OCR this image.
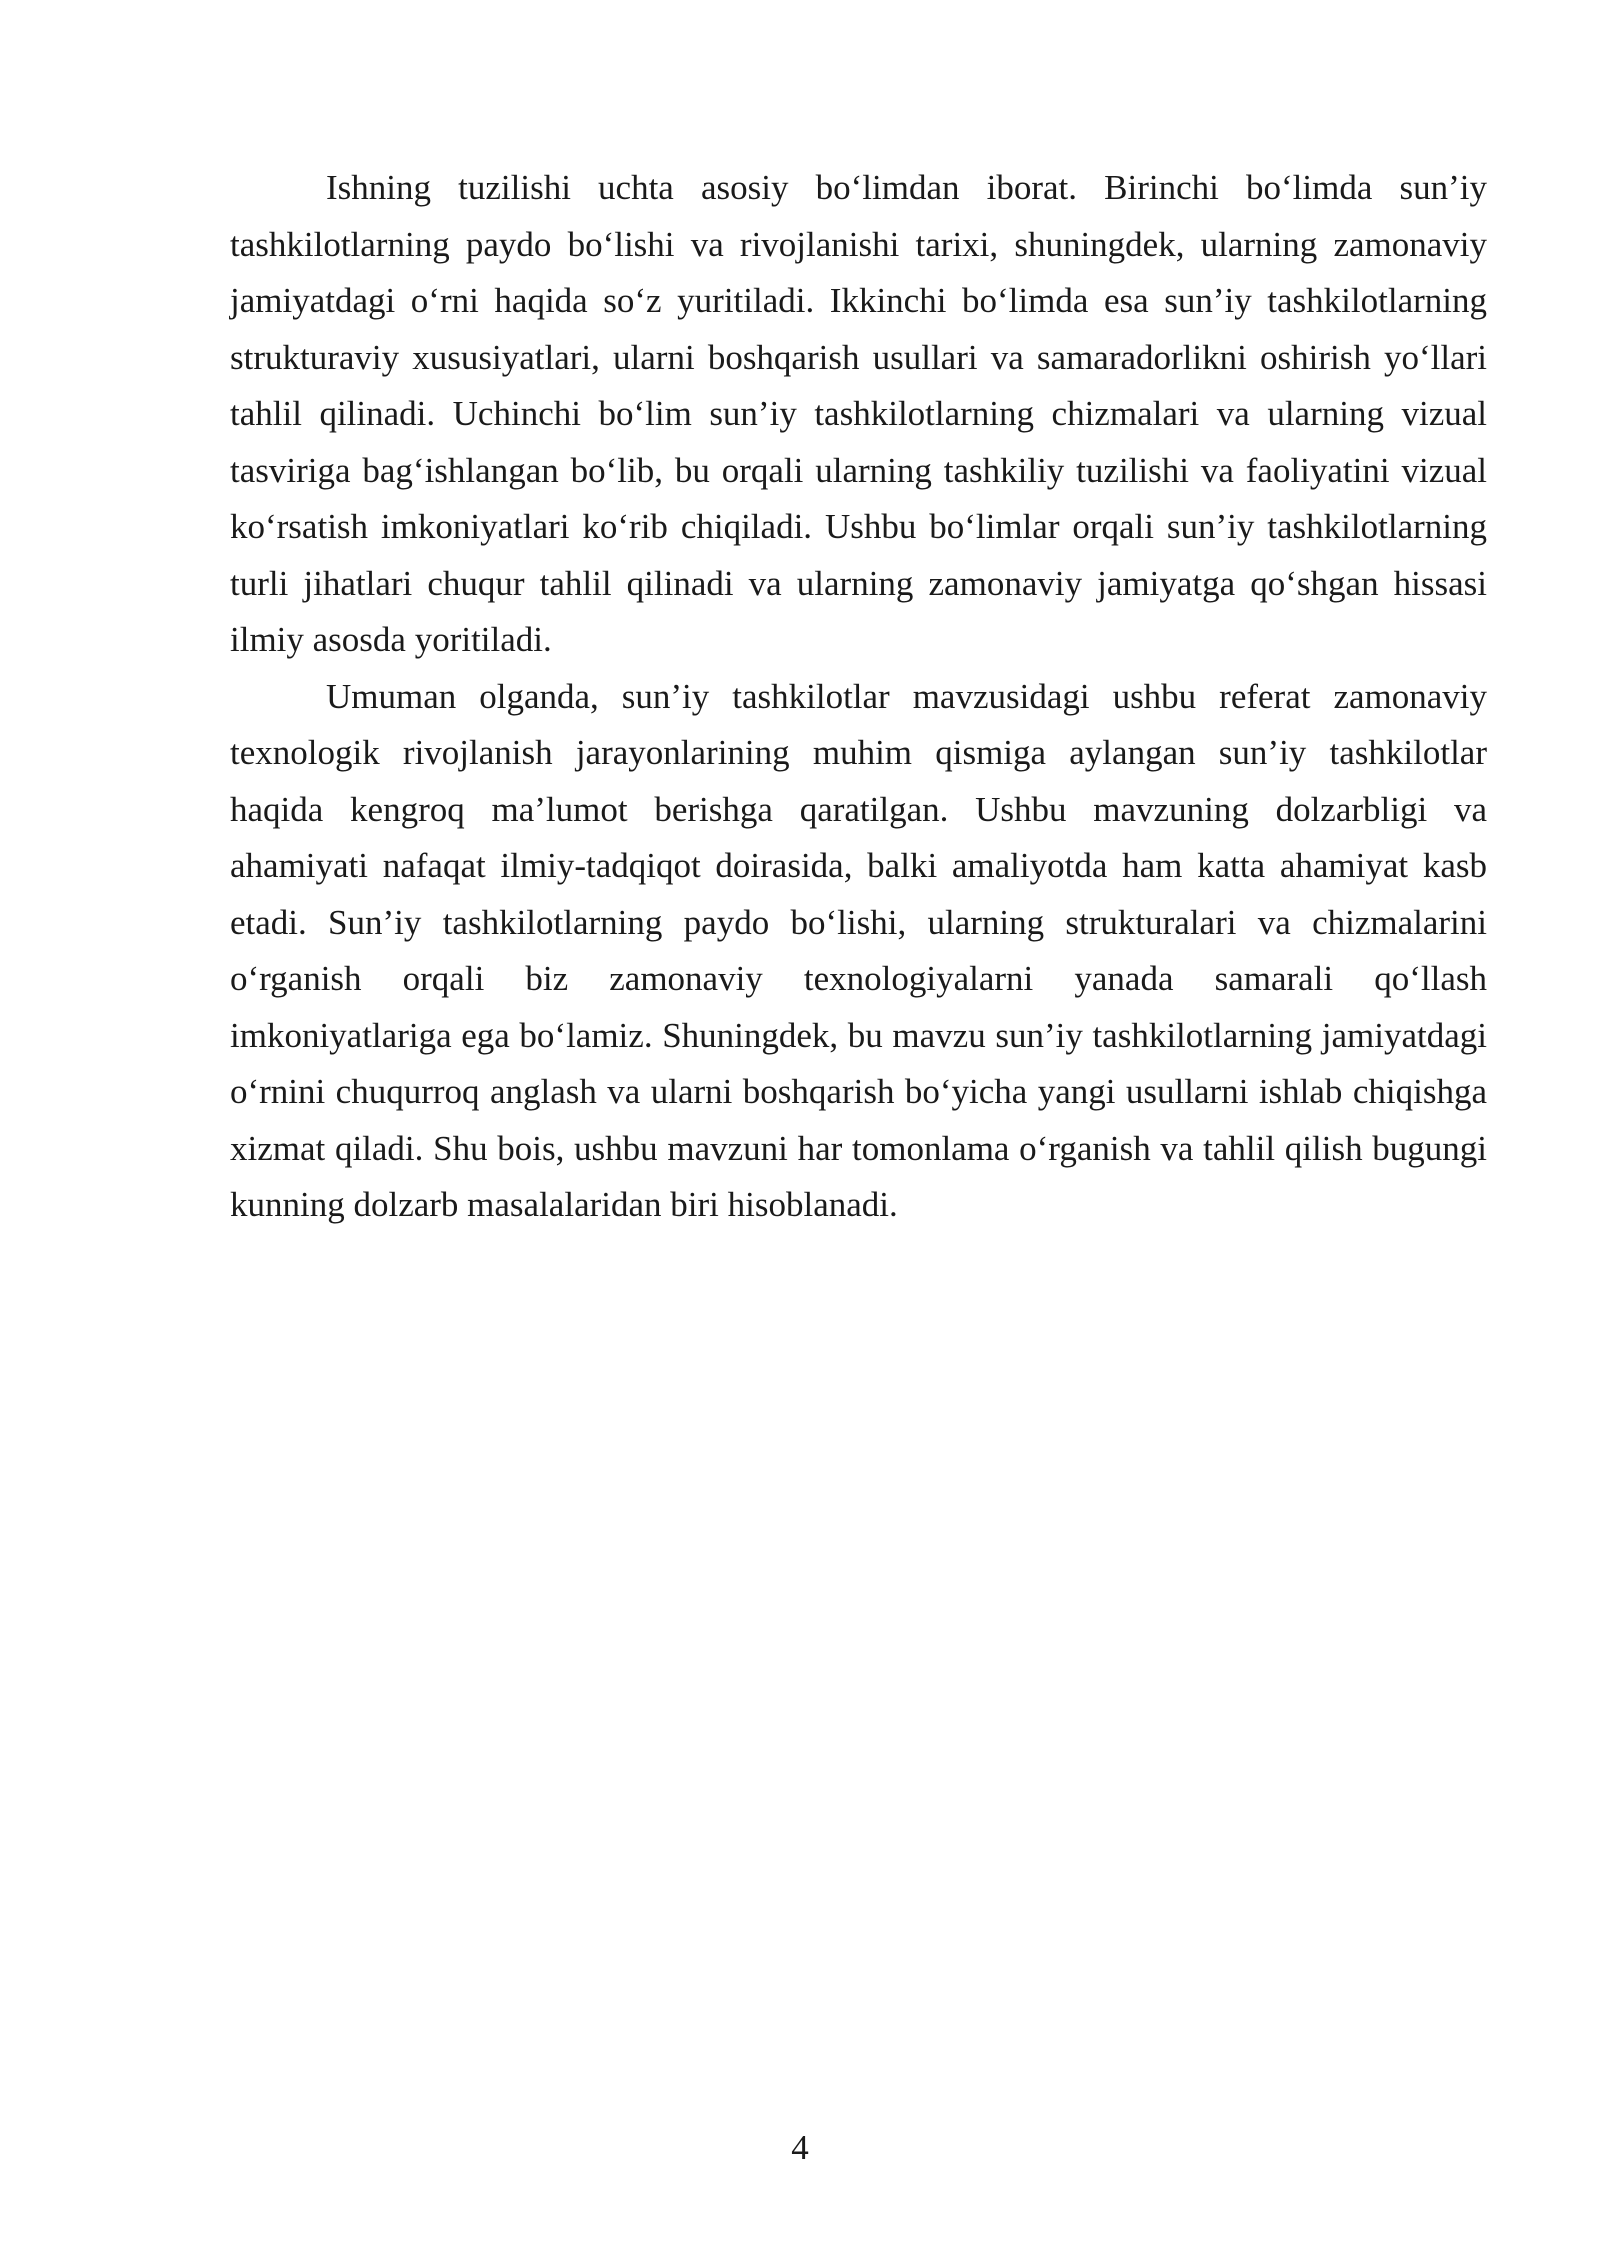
Ishning tuzilishi uchta asosiy bo‘limdan iborat. Birinchi bo‘limda sun’iy tashkilotlarning paydo bo‘lishi va rivojlanishi tarixi, shuningdek, ularning zamonaviy jamiyatdagi o‘rni haqida so‘z yuritiladi. Ikkinchi bo‘limda esa sun’iy tashkilotlarning strukturaviy xususiyatlari, ularni boshqarish usullari va samaradorlikni oshirish yo‘llari tahlil qilinadi. Uchinchi bo‘lim sun’iy tashkilotlarning chizmalari va ularning vizual tasviriga bag‘ishlangan bo‘lib, bu orqali ularning tashkiliy tuzilishi va faoliyatini vizual ko‘rsatish imkoniyatlari ko‘rib chiqiladi. Ushbu bo‘limlar orqali sun’iy tashkilotlarning turli jihatlari chuqur tahlil qilinadi va ularning zamonaviy jamiyatga qo‘shgan hissasi ilmiy asosda yoritiladi.

Umuman olganda, sun’iy tashkilotlar mavzusidagi ushbu referat zamonaviy texnologik rivojlanish jarayonlarining muhim qismiga aylangan sun’iy tashkilotlar haqida kengroq ma’lumot berishga qaratilgan. Ushbu mavzuning dolzarbligi va ahamiyati nafaqat ilmiy-tadqiqot doirasida, balki amaliyotda ham katta ahamiyat kasb etadi. Sun’iy tashkilotlarning paydo bo‘lishi, ularning strukturalari va chizmalarini o‘rganish orqali biz zamonaviy texnologiyalarni yanada samarali qo‘llash imkoniyatlariga ega bo‘lamiz. Shuningdek, bu mavzu sun’iy tashkilotlarning jamiyatdagi o‘rnini chuqurroq anglash va ularni boshqarish bo‘yicha yangi usullarni ishlab chiqishga xizmat qiladi. Shu bois, ushbu mavzuni har tomonlama o‘rganish va tahlil qilish bugungi kunning dolzarb masalalaridan biri hisoblanadi.

4
